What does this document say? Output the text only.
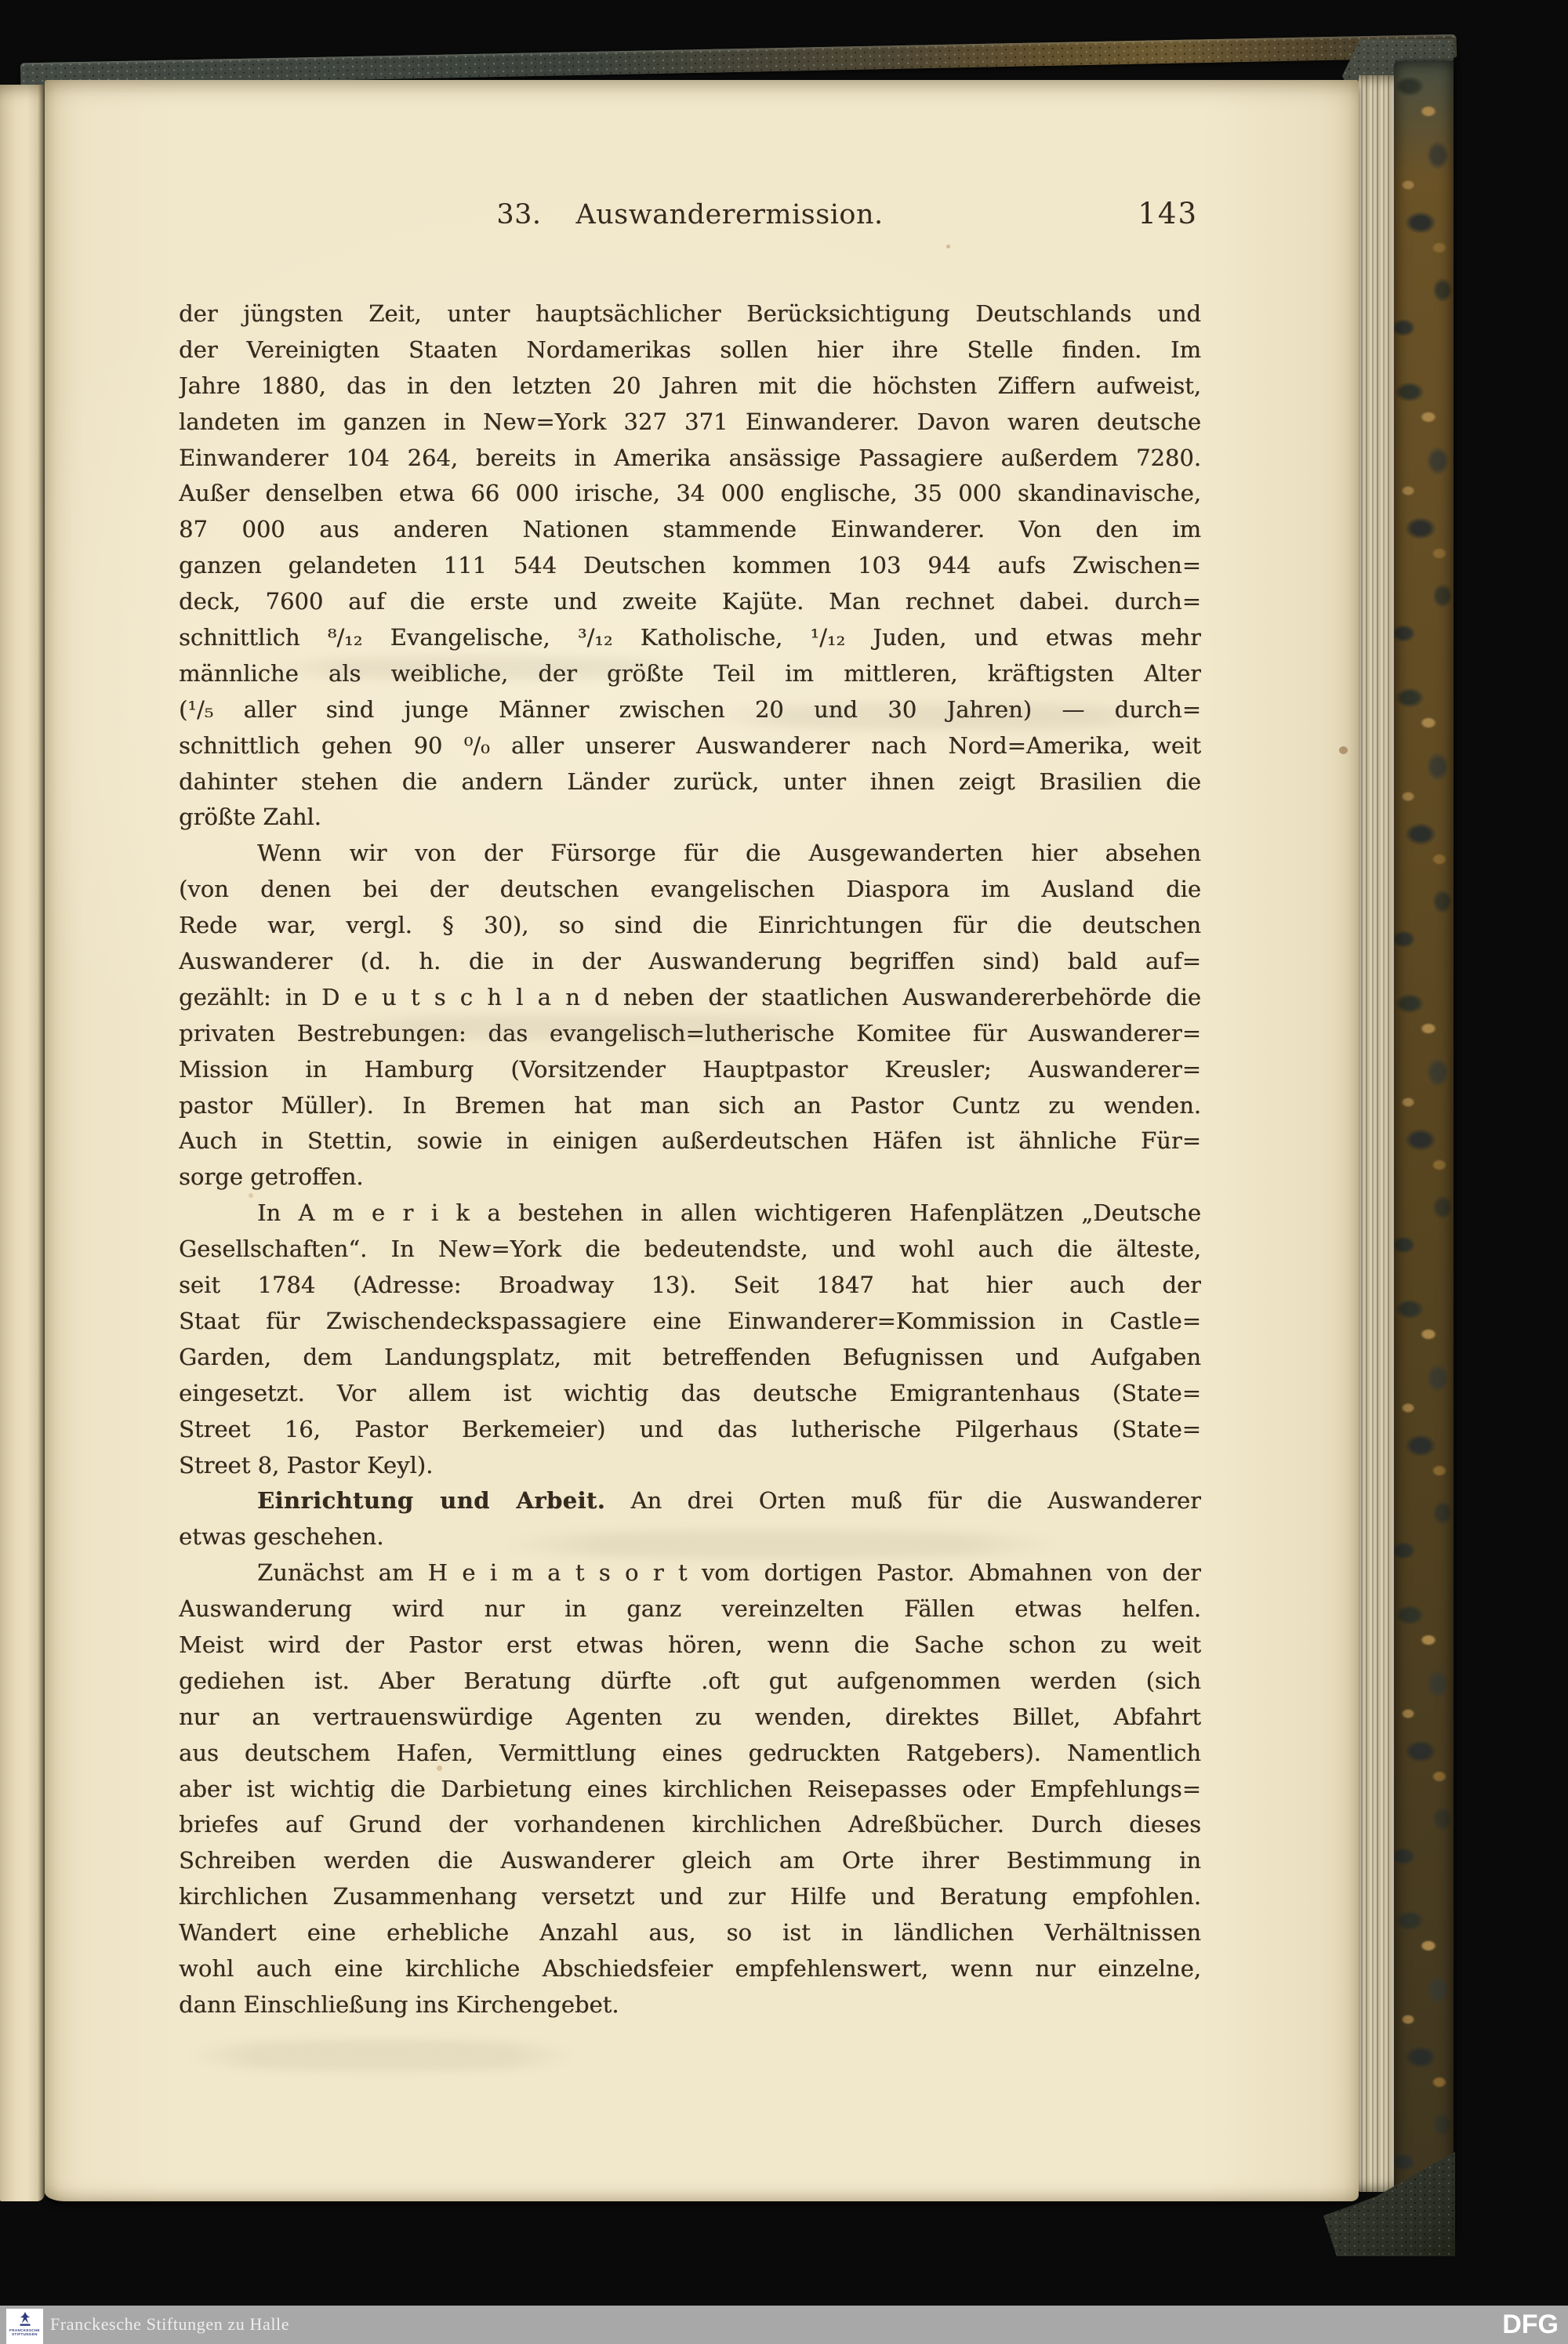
33. Auswanderermission.	143
der jüngsten Zeit, unter hauptsächlicher Berücksichtigung Deutschlands und
der Vereinigten Staaten Nordamerikas sollen hier ihre Stelle finden. Im
Jahre 1880, das in den letzten 20 Jahren mit die höchsten Ziffern aufweist,
landeten im ganzen in New=York 327 371 Einwanderer. Davon waren deutsche
Einwanderer 104 264, bereits in Amerika ansässige Passagiere außerdem 7280.
Außer denselben etwa 66 000 irische, 34 000 englische, 35 000 skandinavische,
87 000 aus anderen Nationen stammende Einwanderer. Von den im
ganzen gelandeten 111 544 Deutschen kommen 103 944 aufs Zwischen=
deck, 7600 auf die erste und zweite Kajüte. Man rechnet dabei. durch=
schnittlich ⁸/₁₂ Evangelische, ³/₁₂ Katholische, ¹/₁₂ Juden, und etwas mehr
männliche als weibliche, der größte Teil im mittleren, kräftigsten Alter
(¹/₅ aller sind junge Männer zwischen 20 und 30 Jahren) — durch=
schnittlich gehen 90 ⁰/₀ aller unserer Auswanderer nach Nord=Amerika, weit
dahinter stehen die andern Länder zurück, unter ihnen zeigt Brasilien die
größte Zahl.
Wenn wir von der Fürsorge für die Ausgewanderten hier absehen
(von denen bei der deutschen evangelischen Diaspora im Ausland die
Rede war, vergl. § 30), so sind die Einrichtungen für die deutschen
Auswanderer (d. h. die in der Auswanderung begriffen sind) bald auf=
gezählt: in D e u t s c h l a n d neben der staatlichen Auswandererbehörde die
privaten Bestrebungen: das evangelisch=lutherische Komitee für Auswanderer=
Mission in Hamburg (Vorsitzender Hauptpastor Kreusler; Auswanderer=
pastor Müller). In Bremen hat man sich an Pastor Cuntz zu wenden.
Auch in Stettin, sowie in einigen außerdeutschen Häfen ist ähnliche Für=
sorge getroffen.
In A m e r i k a bestehen in allen wichtigeren Hafenplätzen „Deutsche
Gesellschaften“. In New=York die bedeutendste, und wohl auch die älteste,
seit 1784 (Adresse: Broadway 13). Seit 1847 hat hier auch der
Staat für Zwischendeckspassagiere eine Einwanderer=Kommission in Castle=
Garden, dem Landungsplatz, mit betreffenden Befugnissen und Aufgaben
eingesetzt. Vor allem ist wichtig das deutsche Emigrantenhaus (State=
Street 16, Pastor Berkemeier) und das lutherische Pilgerhaus (State=
Street 8, Pastor Keyl).
Einrichtung und Arbeit. An drei Orten muß für die Auswanderer
etwas geschehen.
Zunächst am H e i m a t s o r t vom dortigen Pastor. Abmahnen von der
Auswanderung wird nur in ganz vereinzelten Fällen etwas helfen.
Meist wird der Pastor erst etwas hören, wenn die Sache schon zu weit
gediehen ist. Aber Beratung dürfte .oft gut aufgenommen werden (sich
nur an vertrauenswürdige Agenten zu wenden, direktes Billet, Abfahrt
aus deutschem Hafen, Vermittlung eines gedruckten Ratgebers). Namentlich
aber ist wichtig die Darbietung eines kirchlichen Reisepasses oder Empfehlungs=
briefes auf Grund der vorhandenen kirchlichen Adreßbücher. Durch dieses
Schreiben werden die Auswanderer gleich am Orte ihrer Bestimmung in
kirchlichen Zusammenhang versetzt und zur Hilfe und Beratung empfohlen.
Wandert eine erhebliche Anzahl aus, so ist in ländlichen Verhältnissen
wohl auch eine kirchliche Abschiedsfeier empfehlenswert, wenn nur einzelne,
dann Einschließung ins Kirchengebet.
FRANCKESCHE
STIFTUNGEN
Franckesche Stiftungen zu Halle	DFG
